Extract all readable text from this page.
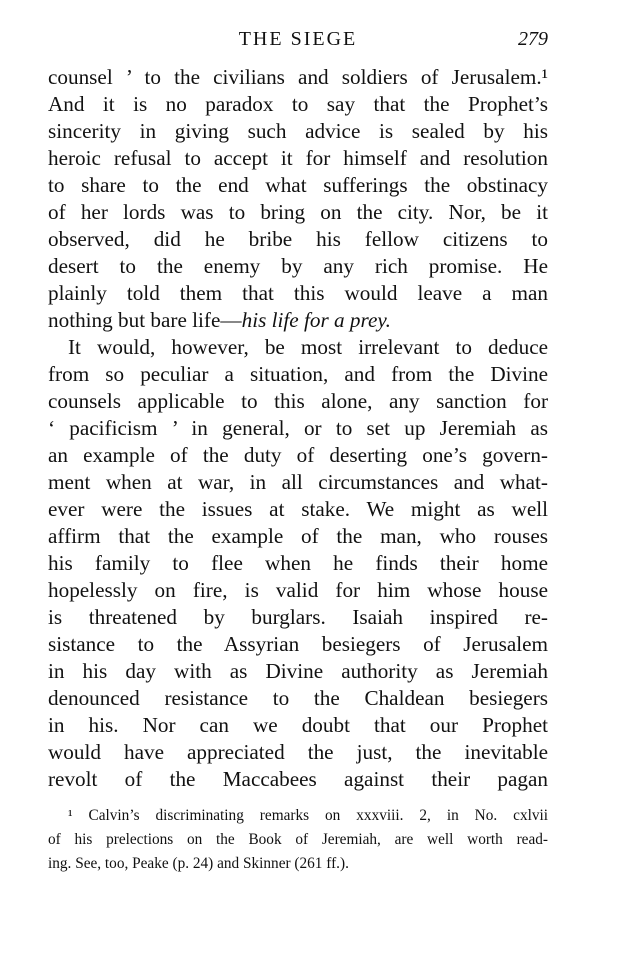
THE SIEGE	279
counsel ’ to the civilians and soldiers of Jerusalem.¹
And it is no paradox to say that the Prophet’s
sincerity in giving such advice is sealed by his
heroic refusal to accept it for himself and resolution
to share to the end what sufferings the obstinacy
of her lords was to bring on the city. Nor, be it
observed, did he bribe his fellow citizens to
desert to the enemy by any rich promise. He
plainly told them that this would leave a man
nothing but bare life—his life for a prey.
It would, however, be most irrelevant to deduce
from so peculiar a situation, and from the Divine
counsels applicable to this alone, any sanction for
‘ pacificism ’ in general, or to set up Jeremiah as
an example of the duty of deserting one’s govern-
ment when at war, in all circumstances and what-
ever were the issues at stake. We might as well
affirm that the example of the man, who rouses
his family to flee when he finds their home
hopelessly on fire, is valid for him whose house
is threatened by burglars. Isaiah inspired re-
sistance to the Assyrian besiegers of Jerusalem
in his day with as Divine authority as Jeremiah
denounced resistance to the Chaldean besiegers
in his. Nor can we doubt that our Prophet
would have appreciated the just, the inevitable
revolt of the Maccabees against their pagan
¹ Calvin’s discriminating remarks on xxxviii. 2, in No. cxlvii
of his prelections on the Book of Jeremiah, are well worth read-
ing. See, too, Peake (p. 24) and Skinner (261 ff.).
